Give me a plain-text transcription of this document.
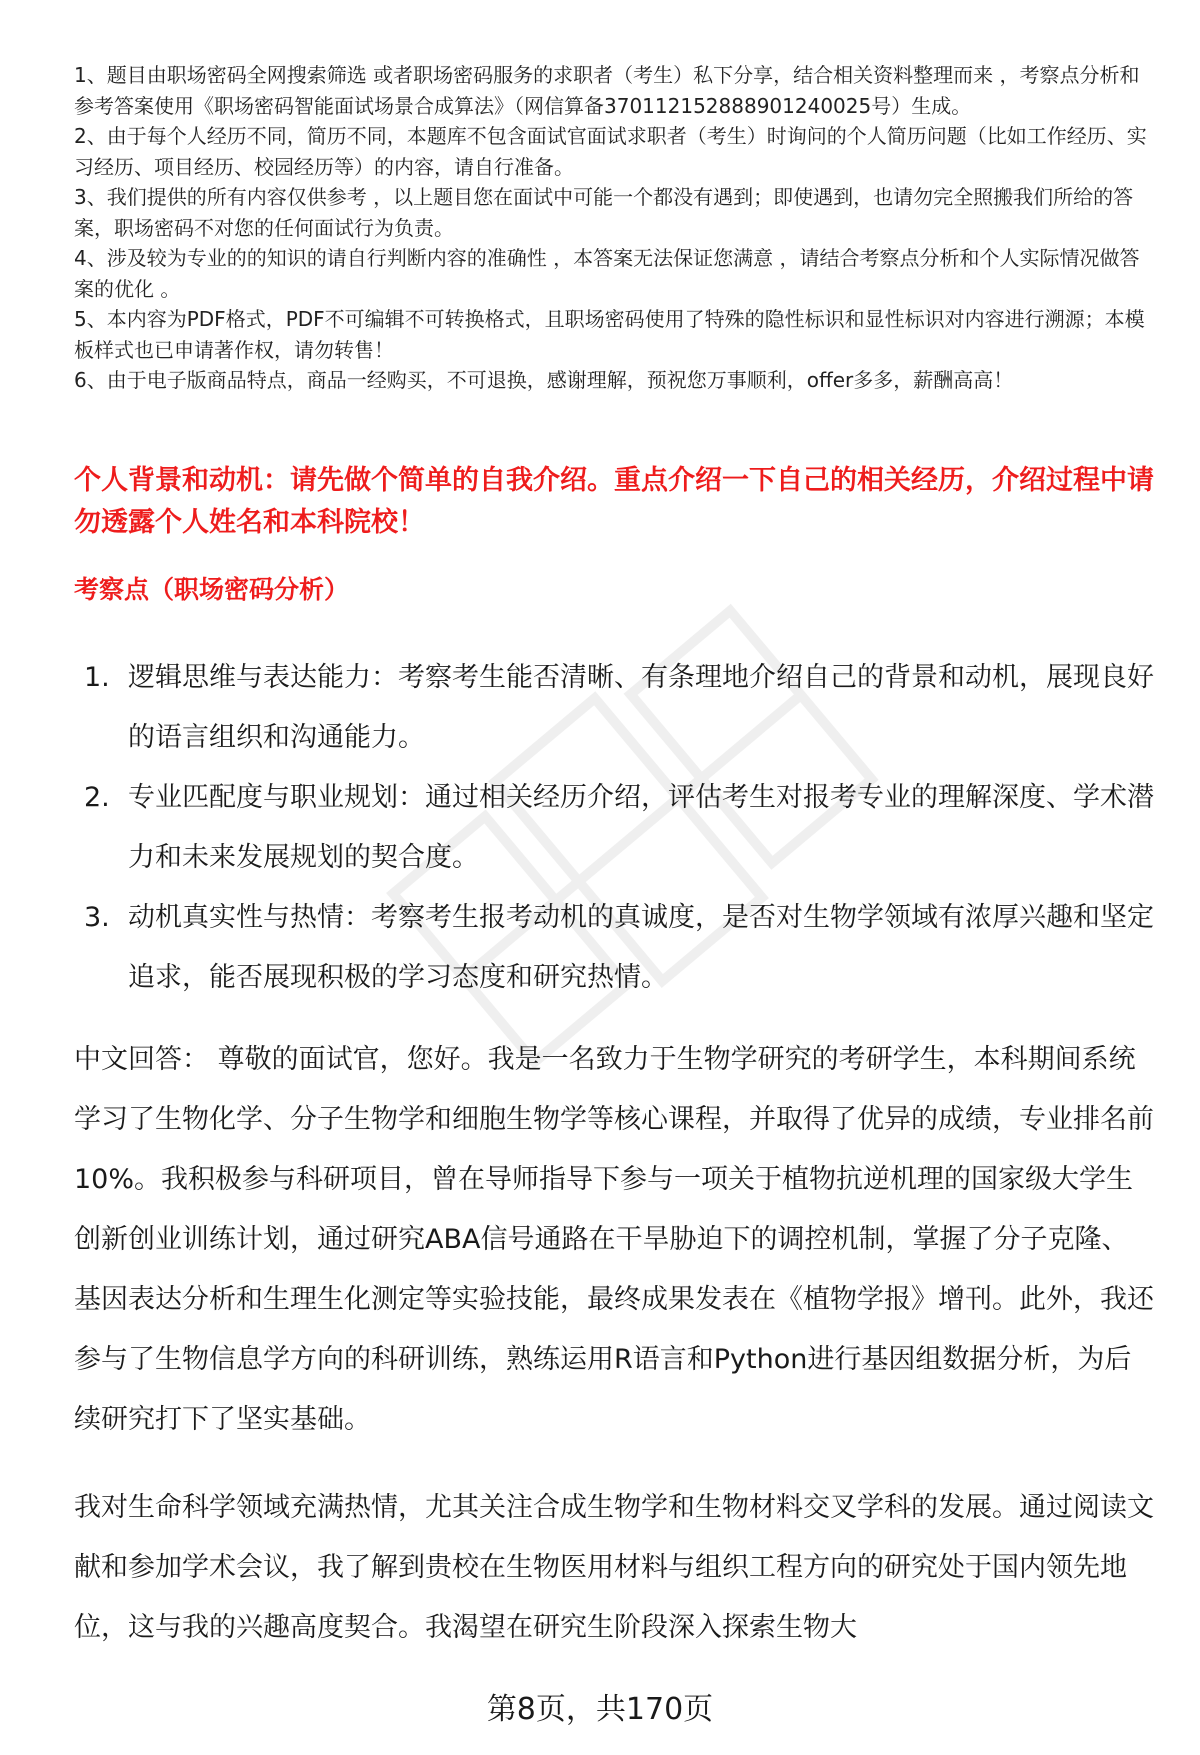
1、题目由职场密码全网搜索筛选 或者职场密码服务的求职者（考生）私下分享，结合相关资料整理而来 ，考察点分析和参考答案使用《职场密码智能面试场景合成算法》（网信算备370112152888901240025号）生成。

2、由于每个人经历不同，简历不同，本题库不包含面试官面试求职者（考生）时询问的个人简历问题（比如工作经历、实习经历、项目经历、校园经历等）的内容，请自行准备。

3、我们提供的所有内容仅供参考 ，以上题目您在面试中可能一个都没有遇到；即使遇到，也请勿完全照搬我们所给的答案，职场密码不对您的任何面试行为负责。

4、涉及较为专业的的知识的请自行判断内容的准确性 ，本答案无法保证您满意 ，请结合考察点分析和个人实际情况做答案的优化 。

5、本内容为PDF格式，PDF不可编辑不可转换格式，且职场密码使用了特殊的隐性标识和显性标识对内容进行溯源；本模板样式也已申请著作权，请勿转售！

6、由于电子版商品特点，商品一经购买，不可退换，感谢理解，预祝您万事顺利，offer多多，薪酬高高！

个人背景和动机：请先做个简单的自我介绍。重点介绍一下自己的相关经历，介绍过程中请勿透露个人姓名和本科院校！
考察点（职场密码分析）
1. 逻辑思维与表达能力：考察考生能否清晰、有条理地介绍自己的背景和动机，展现良好的语言组织和沟通能力。
2. 专业匹配度与职业规划：通过相关经历介绍，评估考生对报考专业的理解深度、学术潜力和未来发展规划的契合度。
3. 动机真实性与热情：考察考生报考动机的真诚度，是否对生物学领域有浓厚兴趣和坚定追求，能否展现积极的学习态度和研究热情。

中文回答： 尊敬的面试官，您好。我是一名致力于生物学研究的考研学生，本科期间系统学习了生物化学、分子生物学和细胞生物学等核心课程，并取得了优异的成绩，专业排名前10%。我积极参与科研项目，曾在导师指导下参与一项关于植物抗逆机理的国家级大学生创新创业训练计划，通过研究ABA信号通路在干旱胁迫下的调控机制，掌握了分子克隆、基因表达分析和生理生化测定等实验技能，最终成果发表在《植物学报》增刊。此外，我还参与了生物信息学方向的科研训练，熟练运用R语言和Python进行基因组数据分析，为后续研究打下了坚实基础。

我对生命科学领域充满热情，尤其关注合成生物学和生物材料交叉学科的发展。通过阅读文献和参加学术会议，我了解到贵校在生物医用材料与组织工程方向的研究处于国内领先地位，这与我的兴趣高度契合。我渴望在研究生阶段深入探索生物大

第8页，共170页
